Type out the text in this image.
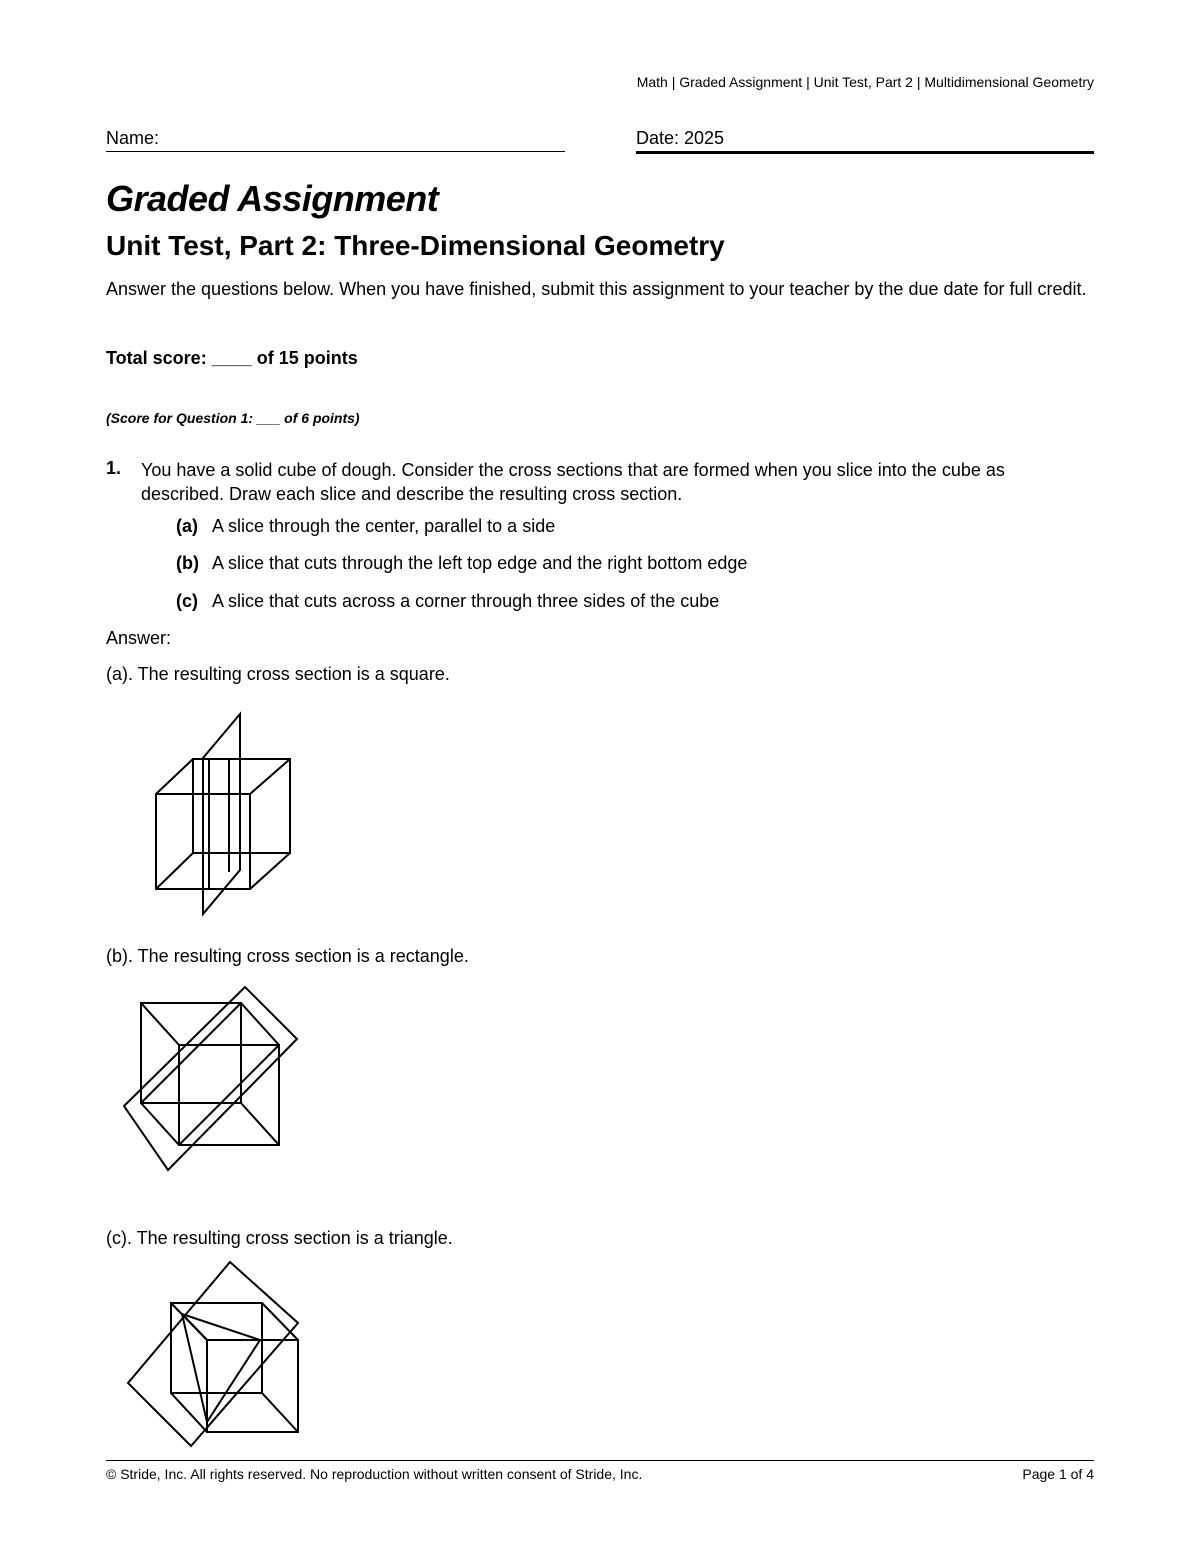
Math | Graded Assignment | Unit Test, Part 2 | Multidimensional Geometry
Name:	Date: 2025
Graded Assignment
Unit Test, Part 2: Three-Dimensional Geometry
Answer the questions below. When you have finished, submit this assignment to your teacher by the due date for full credit.
Total score: ____ of 15 points
(Score for Question 1: ___ of 6 points)
1. You have a solid cube of dough. Consider the cross sections that are formed when you slice into the cube as described. Draw each slice and describe the resulting cross section.
(a) A slice through the center, parallel to a side
(b) A slice that cuts through the left top edge and the right bottom edge
(c) A slice that cuts across a corner through three sides of the cube
Answer:
(a). The resulting cross section is a square.
(b). The resulting cross section is a rectangle.
(c). The resulting cross section is a triangle.
© Stride, Inc. All rights reserved. No reproduction without written consent of Stride, Inc.	Page 1 of 4
